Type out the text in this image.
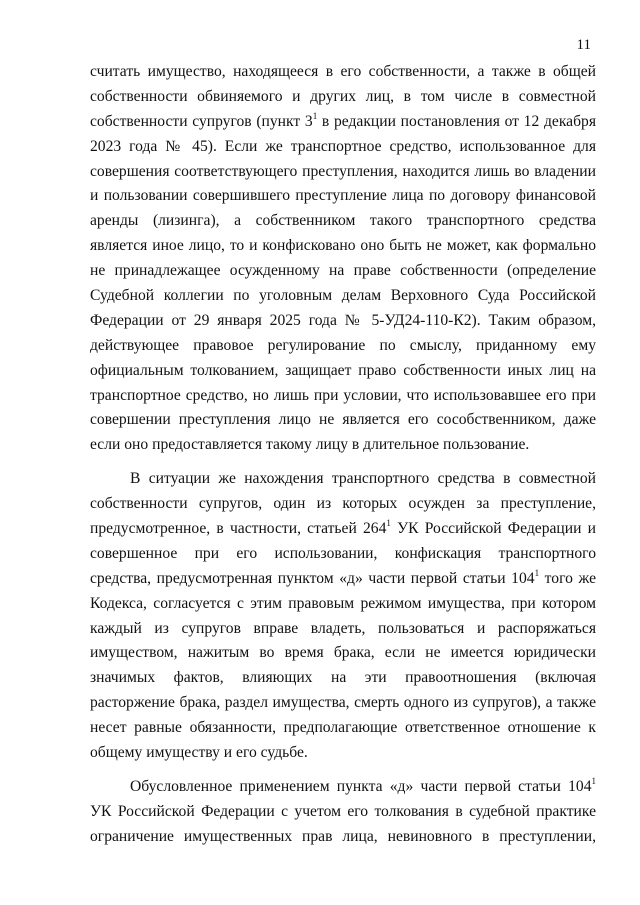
11
считать имущество, находящееся в его собственности, а также в общей
собственности обвиняемого и других лиц, в том числе в совместной
собственности супругов (пункт $3^1$ в редакции постановления от 12 декабря
2023 года № 45). Если же транспортное средство, использованное для
совершения соответствующего преступления, находится лишь во владении
и пользовании совершившего преступление лица по договору финансовой
аренды (лизинга), а собственником такого транспортного средства
является иное лицо, то и конфисковано оно быть не может, как формально
не принадлежащее осужденному на праве собственности (определение
Судебной коллегии по уголовным делам Верховного Суда Российской
Федерации от 29 января 2025 года № 5-УД24-110-К2). Таким образом,
действующее правовое регулирование по смыслу, приданному ему
официальным толкованием, защищает право собственности иных лиц на
транспортное средство, но лишь при условии, что использовавшее его при
совершении преступления лицо не является его сособственником, даже
если оно предоставляется такому лицу в длительное пользование.
В ситуации же нахождения транспортного средства в совместной
собственности супругов, один из которых осужден за преступление,
предусмотренное, в частности, статьей $264^1$ УК Российской Федерации и
совершенное при его использовании, конфискация транспортного
средства, предусмотренная пунктом «д» части первой статьи $104^1$ того же
Кодекса, согласуется с этим правовым режимом имущества, при котором
каждый из супругов вправе владеть, пользоваться и распоряжаться
имуществом, нажитым во время брака, если не имеется юридически
значимых фактов, влияющих на эти правоотношения (включая
расторжение брака, раздел имущества, смерть одного из супругов), а также
несет равные обязанности, предполагающие ответственное отношение к
общему имуществу и его судьбе.
Обусловленное применением пункта «д» части первой статьи $104^1$
УК Российской Федерации с учетом его толкования в судебной практике
ограничение имущественных прав лица, невиновного в преступлении,
